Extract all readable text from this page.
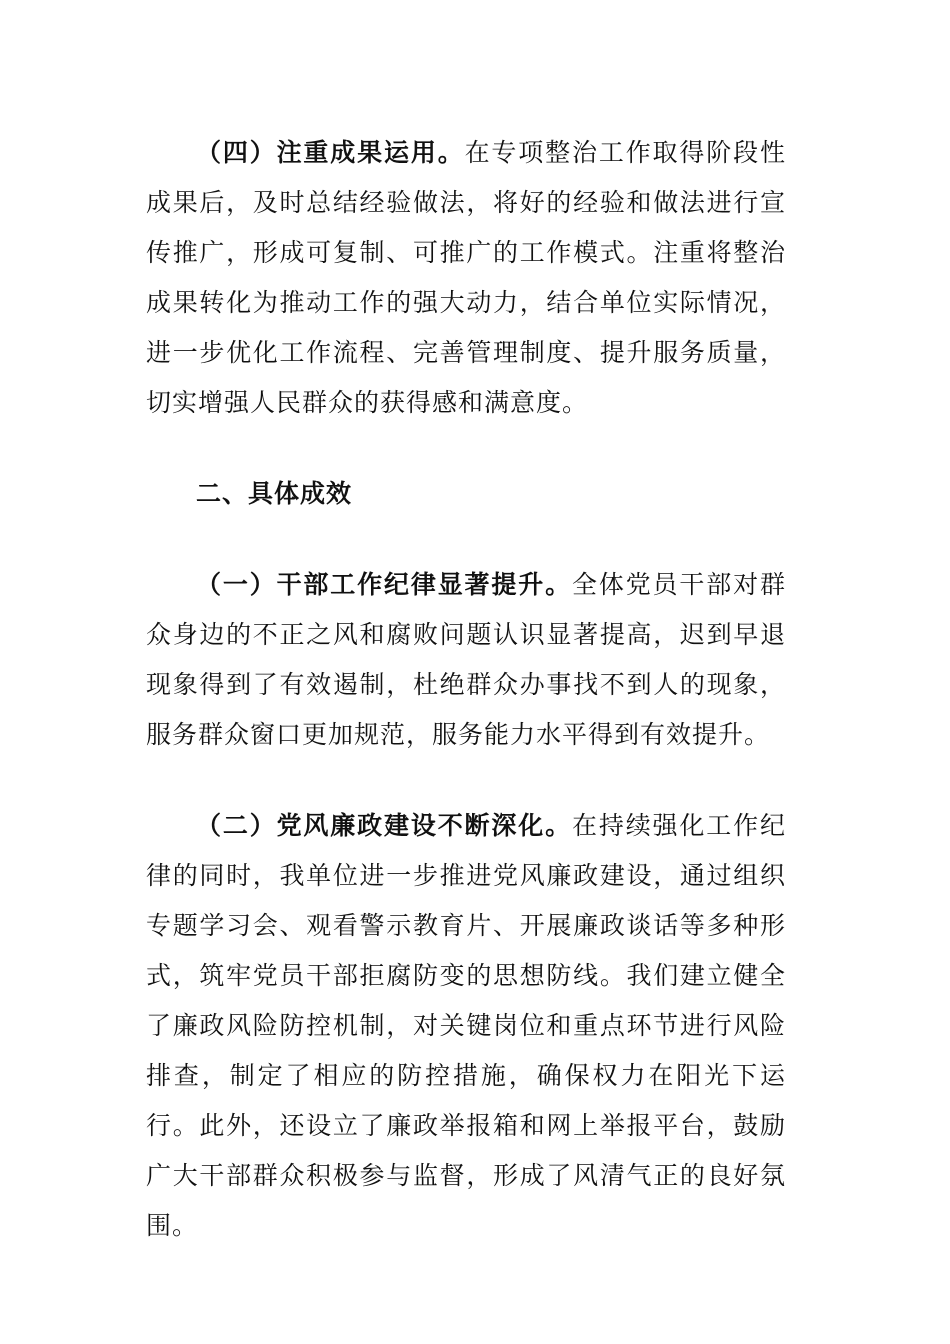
（四）注重成果运用。在专项整治工作取得阶段性成果后，及时总结经验做法，将好的经验和做法进行宣传推广，形成可复制、可推广的工作模式。注重将整治成果转化为推动工作的强大动力，结合单位实际情况，进一步优化工作流程、完善管理制度、提升服务质量，切实增强人民群众的获得感和满意度。

二、具体成效

（一）干部工作纪律显著提升。全体党员干部对群众身边的不正之风和腐败问题认识显著提高，迟到早退现象得到了有效遏制，杜绝群众办事找不到人的现象，服务群众窗口更加规范，服务能力水平得到有效提升。

（二）党风廉政建设不断深化。在持续强化工作纪律的同时，我单位进一步推进党风廉政建设，通过组织专题学习会、观看警示教育片、开展廉政谈话等多种形式，筑牢党员干部拒腐防变的思想防线。我们建立健全了廉政风险防控机制，对关键岗位和重点环节进行风险排查，制定了相应的防控措施，确保权力在阳光下运行。此外，还设立了廉政举报箱和网上举报平台，鼓励广大干部群众积极参与监督，形成了风清气正的良好氛围。
